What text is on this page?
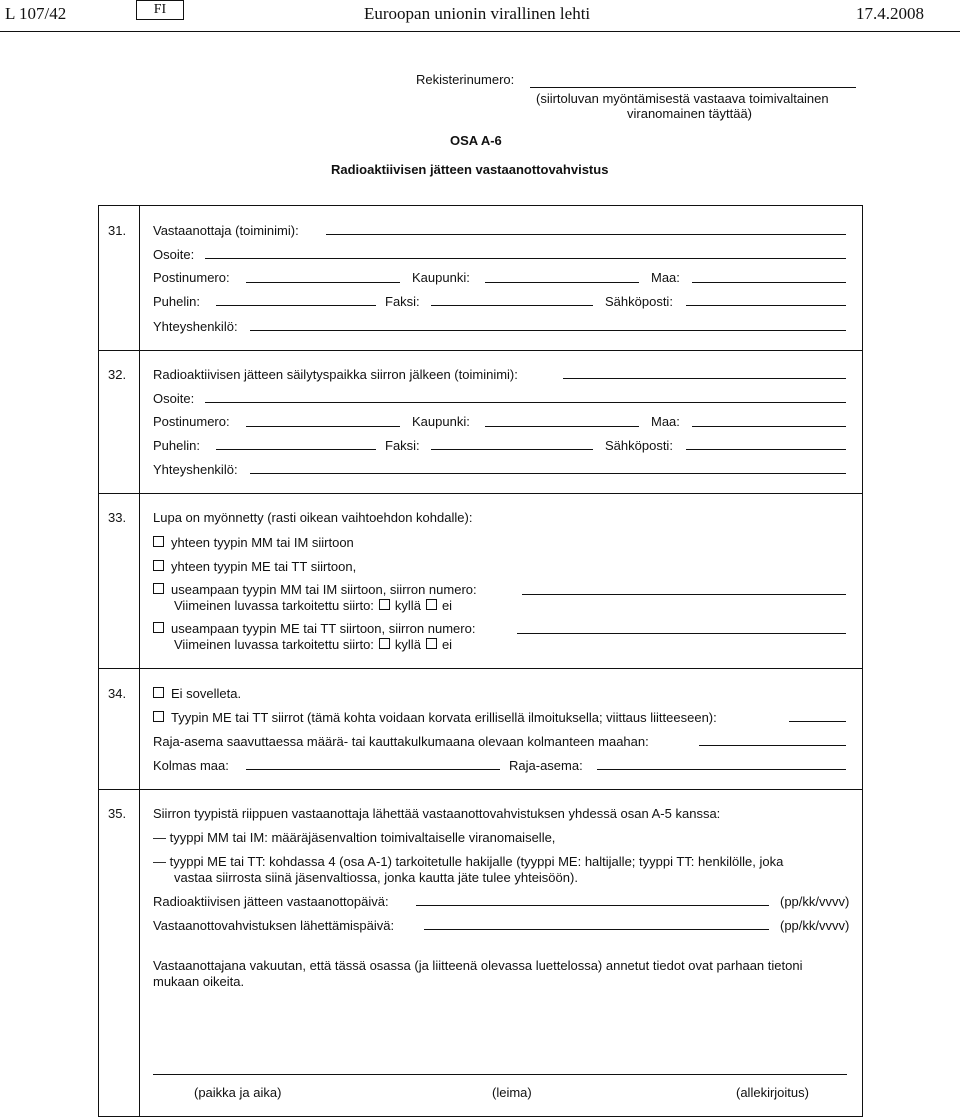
L 107/42	FI	Euroopan unionin virallinen lehti	17.4.2008
Rekisterinumero:
(siirtoluvan myöntämisestä vastaava toimivaltainen
viranomainen täyttää)
OSA A-6
Radioaktiivisen jätteen vastaanottovahvistus
31. Vastaanottaja (toiminimi):
Osoite:
Postinumero:	Kaupunki:	Maa:
Puhelin:	Faksi:	Sähköposti:
Yhteyshenkilö:
32. Radioaktiivisen jätteen säilytyspaikka siirron jälkeen (toiminimi):
Osoite:
Postinumero:	Kaupunki:	Maa:
Puhelin:	Faksi:	Sähköposti:
Yhteyshenkilö:
33. Lupa on myönnetty (rasti oikean vaihtoehdon kohdalle):
yhteen tyypin MM tai IM siirtoon
yhteen tyypin ME tai TT siirtoon,
useampaan tyypin MM tai IM siirtoon, siirron numero:
Viimeinen luvassa tarkoitettu siirto: kyllä ei
useampaan tyypin ME tai TT siirtoon, siirron numero:
Viimeinen luvassa tarkoitettu siirto: kyllä ei
34.	Ei sovelleta.
Tyypin ME tai TT siirrot (tämä kohta voidaan korvata erillisellä ilmoituksella; viittaus liitteeseen):
Raja-asema saavuttaessa määrä- tai kauttakulkumaana olevaan kolmanteen maahan:
Kolmas maa:	Raja-asema:
35. Siirron tyypistä riippuen vastaanottaja lähettää vastaanottovahvistuksen yhdessä osan A-5 kanssa:
— tyyppi MM tai IM: määräjäsenvaltion toimivaltaiselle viranomaiselle,
— tyyppi ME tai TT: kohdassa 4 (osa A-1) tarkoitetulle hakijalle (tyyppi ME: haltijalle; tyyppi TT: henkilölle, joka
vastaa siirrosta siinä jäsenvaltiossa, jonka kautta jäte tulee yhteisöön).
Radioaktiivisen jätteen vastaanottopäivä:	(pp/kk/vvvv)
Vastaanottovahvistuksen lähettämispäivä:	(pp/kk/vvvv)
Vastaanottajana vakuutan, että tässä osassa (ja liitteenä olevassa luettelossa) annetut tiedot ovat parhaan tietoni
mukaan oikeita.
(paikka ja aika)	(leima)	(allekirjoitus)
